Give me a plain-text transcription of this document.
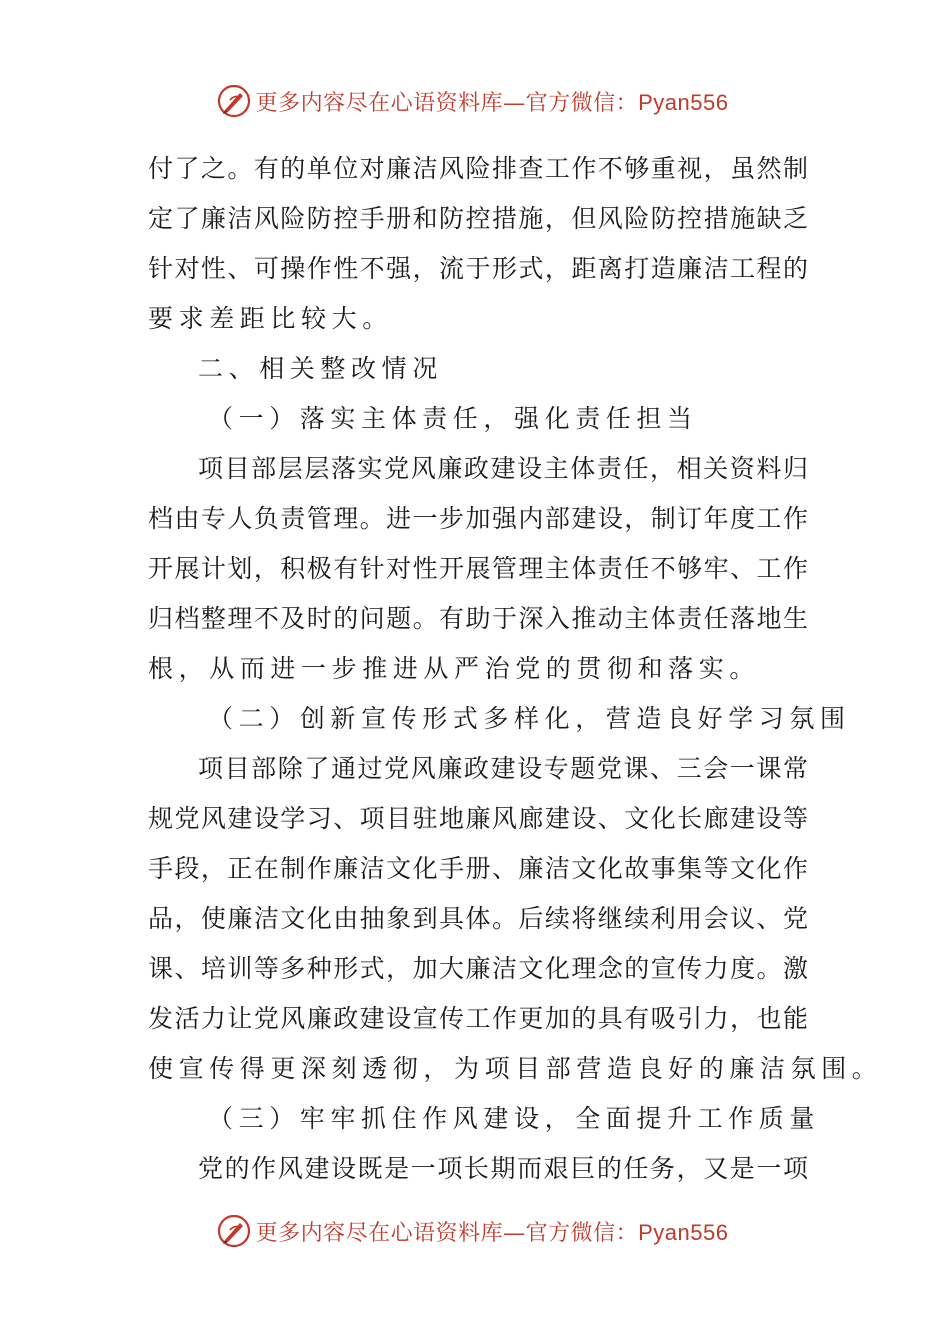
更多内容尽在心语资料库—官方微信：Pyan556
付了之。有的单位对廉洁风险排查工作不够重视，虽然制
定了廉洁风险防控手册和防控措施，但风险防控措施缺乏
针对性、可操作性不强，流于形式，距离打造廉洁工程的
要求差距比较大。
二、相关整改情况
（一）落实主体责任，强化责任担当
项目部层层落实党风廉政建设主体责任，相关资料归
档由专人负责管理。进一步加强内部建设，制订年度工作
开展计划，积极有针对性开展管理主体责任不够牢、工作
归档整理不及时的问题。有助于深入推动主体责任落地生
根，从而进一步推进从严治党的贯彻和落实。
（二）创新宣传形式多样化，营造良好学习氛围
项目部除了通过党风廉政建设专题党课、三会一课常
规党风建设学习、项目驻地廉风廊建设、文化长廊建设等
手段，正在制作廉洁文化手册、廉洁文化故事集等文化作
品，使廉洁文化由抽象到具体。后续将继续利用会议、党
课、培训等多种形式，加大廉洁文化理念的宣传力度。激
发活力让党风廉政建设宣传工作更加的具有吸引力，也能
使宣传得更深刻透彻，为项目部营造良好的廉洁氛围。
（三）牢牢抓住作风建设，全面提升工作质量
党的作风建设既是一项长期而艰巨的任务，又是一项
更多内容尽在心语资料库—官方微信：Pyan556
